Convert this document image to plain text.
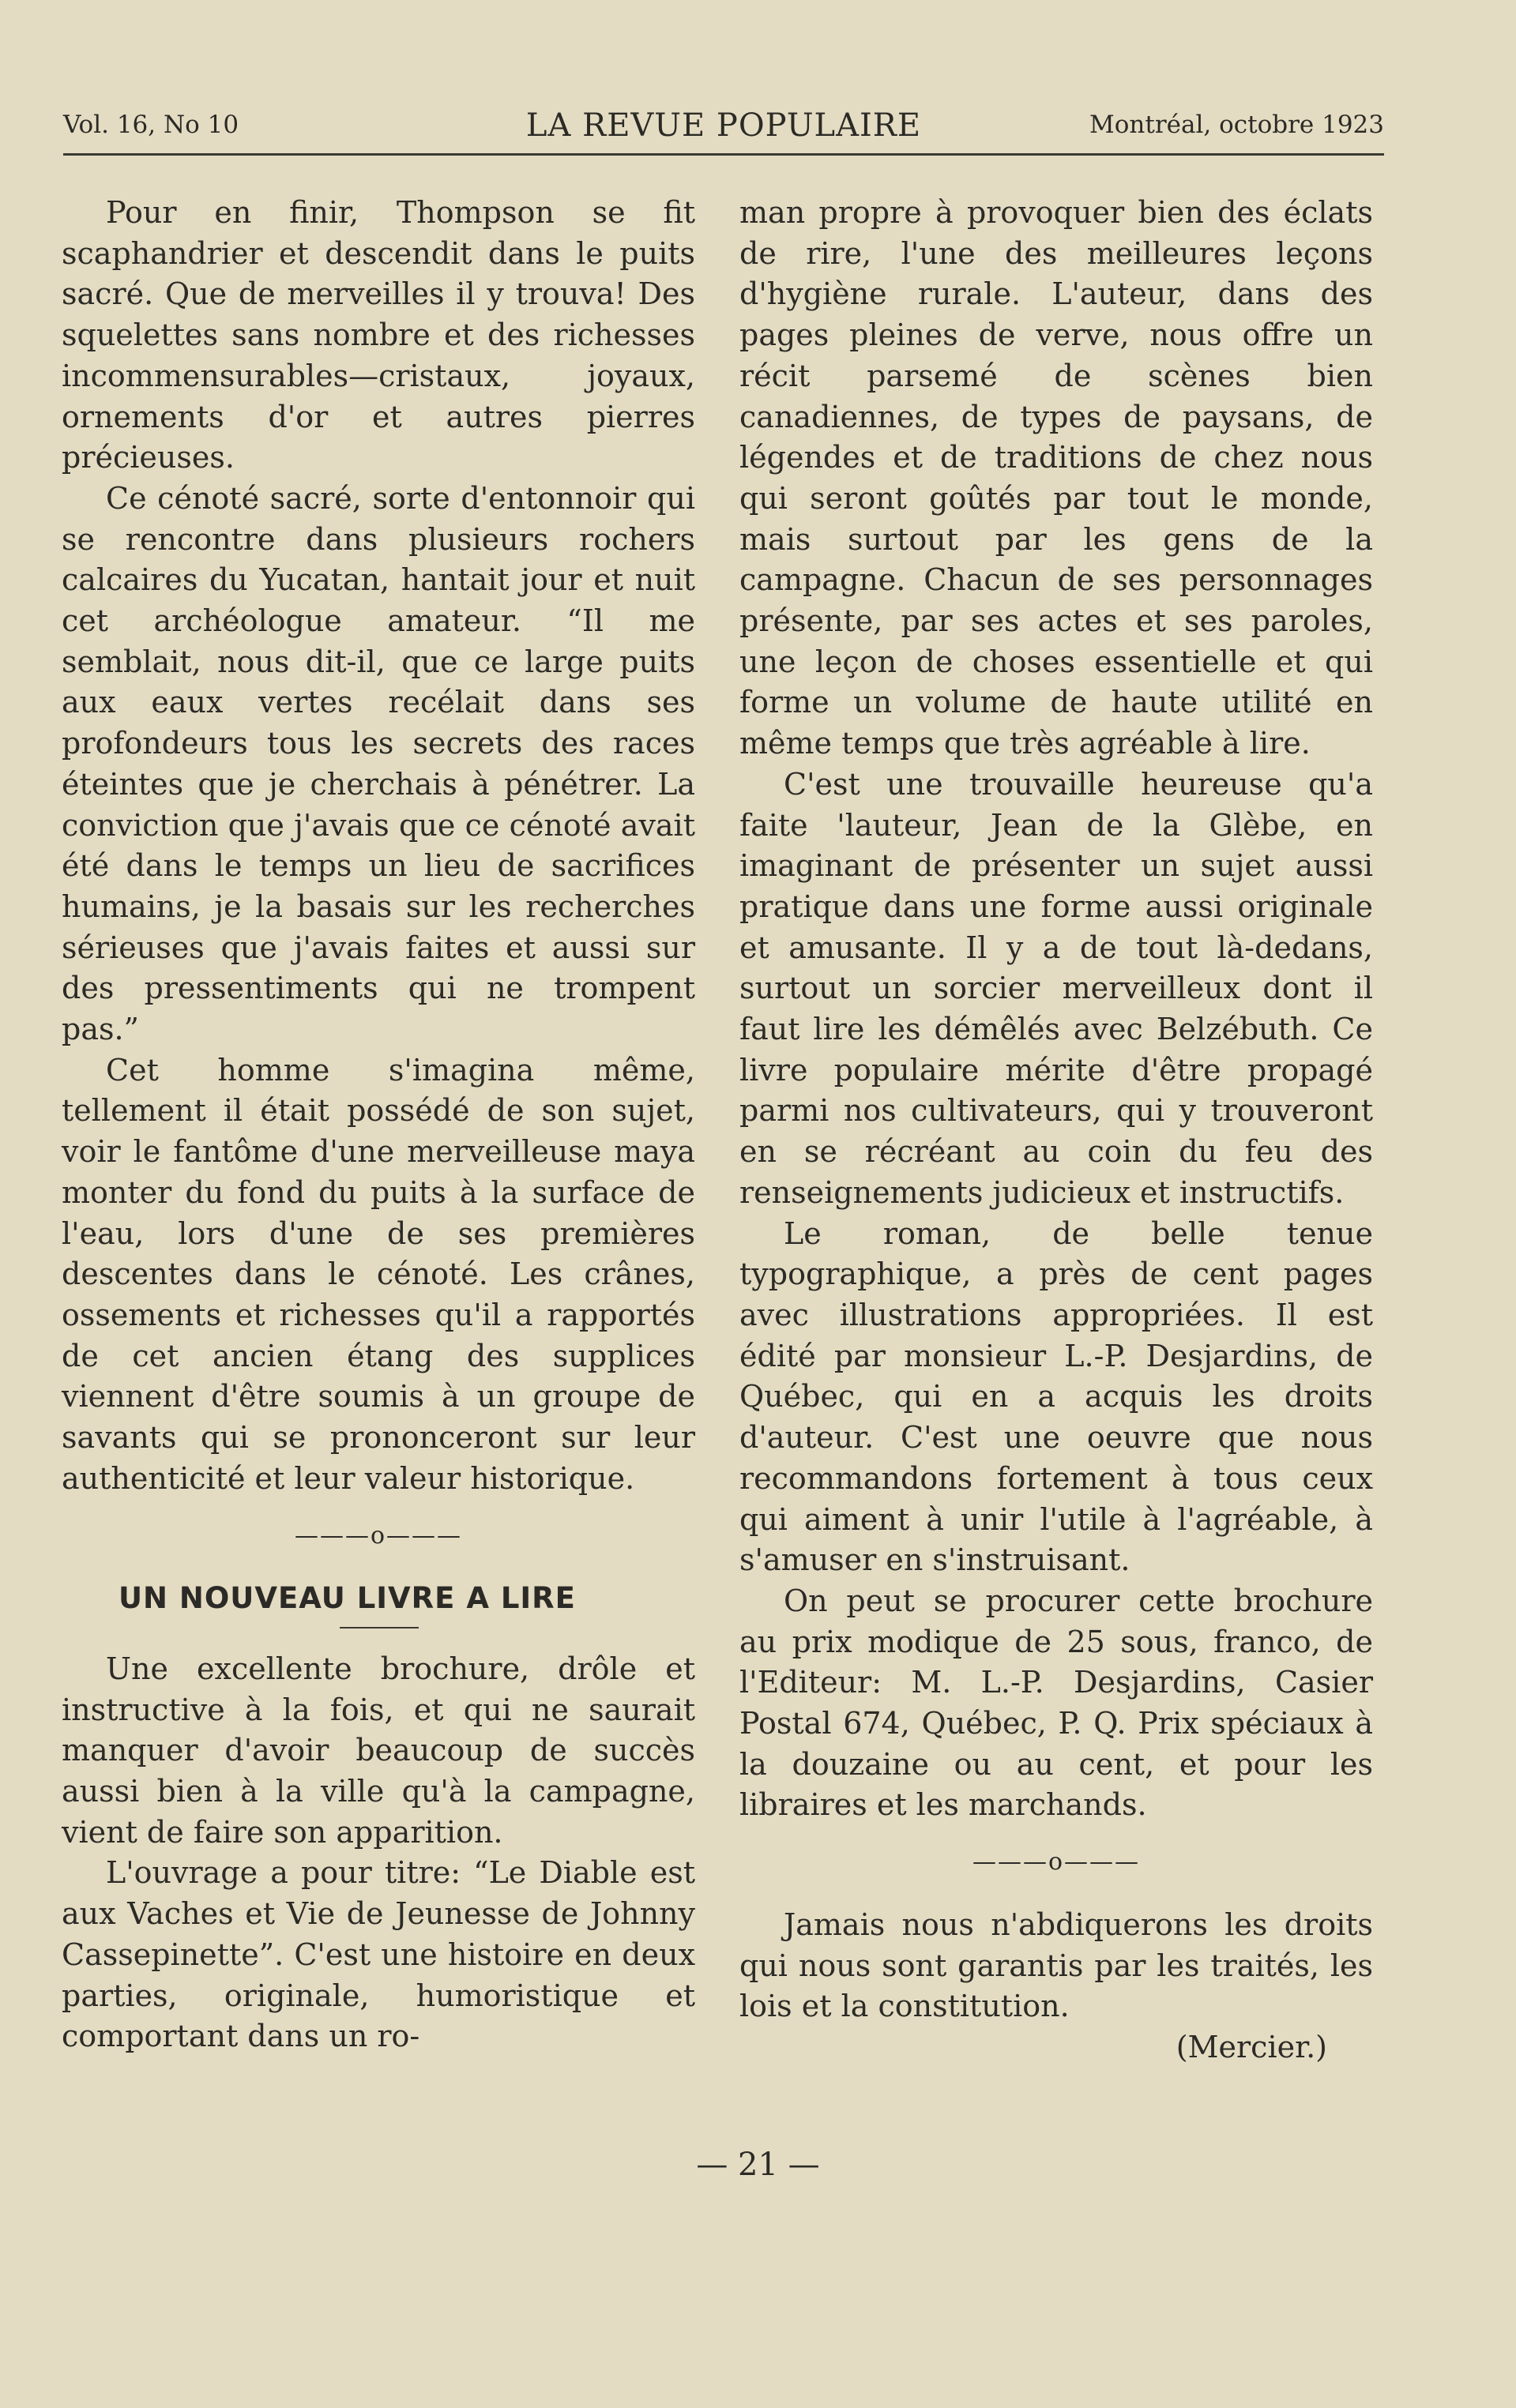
Vol. 16, No 10	LA REVUE POPULAIRE	Montréal, octobre 1923

Pour en finir, Thompson se fit scaphandrier et descendit dans le puits sacré. Que de merveilles il y trouva! Des squelettes sans nombre et des richesses incommensurables—cristaux, joyaux, ornements d'or et autres pierres précieuses.

Ce cénoté sacré, sorte d'entonnoir qui se rencontre dans plusieurs rochers calcaires du Yucatan, hantait jour et nuit cet archéologue amateur. “Il me semblait, nous dit-il, que ce large puits aux eaux vertes recélait dans ses profondeurs tous les secrets des races éteintes que je cherchais à pénétrer. La conviction que j'avais que ce cénoté avait été dans le temps un lieu de sacrifices humains, je la basais sur les recherches sérieuses que j'avais faites et aussi sur des pressentiments qui ne trompent pas.”

Cet homme s'imagina même, tellement il était possédé de son sujet, voir le fantôme d'une merveilleuse maya monter du fond du puits à la surface de l'eau, lors d'une de ses premières descentes dans le cénoté. Les crânes, ossements et richesses qu'il a rapportés de cet ancien étang des supplices viennent d'être soumis à un groupe de savants qui se prononceront sur leur authenticité et leur valeur historique.

———o———
UN NOUVEAU LIVRE A LIRE

Une excellente brochure, drôle et instructive à la fois, et qui ne saurait manquer d'avoir beaucoup de succès aussi bien à la ville qu'à la campagne, vient de faire son apparition.

L'ouvrage a pour titre: “Le Diable est aux Vaches et Vie de Jeunesse de Johnny Cassepinette”. C'est une histoire en deux parties, originale, humoristique et comportant dans un ro-

man propre à provoquer bien des éclats de rire, l'une des meilleures leçons d'hygiène rurale. L'auteur, dans des pages pleines de verve, nous offre un récit parsemé de scènes bien canadiennes, de types de paysans, de légendes et de traditions de chez nous qui seront goûtés par tout le monde, mais surtout par les gens de la campagne. Chacun de ses personnages présente, par ses actes et ses paroles, une leçon de choses essentielle et qui forme un volume de haute utilité en même temps que très agréable à lire.

C'est une trouvaille heureuse qu'a faite 'lauteur, Jean de la Glèbe, en imaginant de présenter un sujet aussi pratique dans une forme aussi originale et amusante. Il y a de tout là-dedans, surtout un sorcier merveilleux dont il faut lire les démêlés avec Belzébuth. Ce livre populaire mérite d'être propagé parmi nos cultivateurs, qui y trouveront en se récréant au coin du feu des renseignements judicieux et instructifs.

Le roman, de belle tenue typographique, a près de cent pages avec illustrations appropriées. Il est édité par monsieur L.-P. Desjardins, de Québec, qui en a acquis les droits d'auteur. C'est une oeuvre que nous recommandons fortement à tous ceux qui aiment à unir l'utile à l'agréable, à s'amuser en s'instruisant.

On peut se procurer cette brochure au prix modique de 25 sous, franco, de l'Editeur: M. L.-P. Desjardins, Casier Postal 674, Québec, P. Q. Prix spéciaux à la douzaine ou au cent, et pour les libraires et les marchands.

———o———

Jamais nous n'abdiquerons les droits qui nous sont garantis par les traités, les lois et la constitution.

(Mercier.)
— 21 —
